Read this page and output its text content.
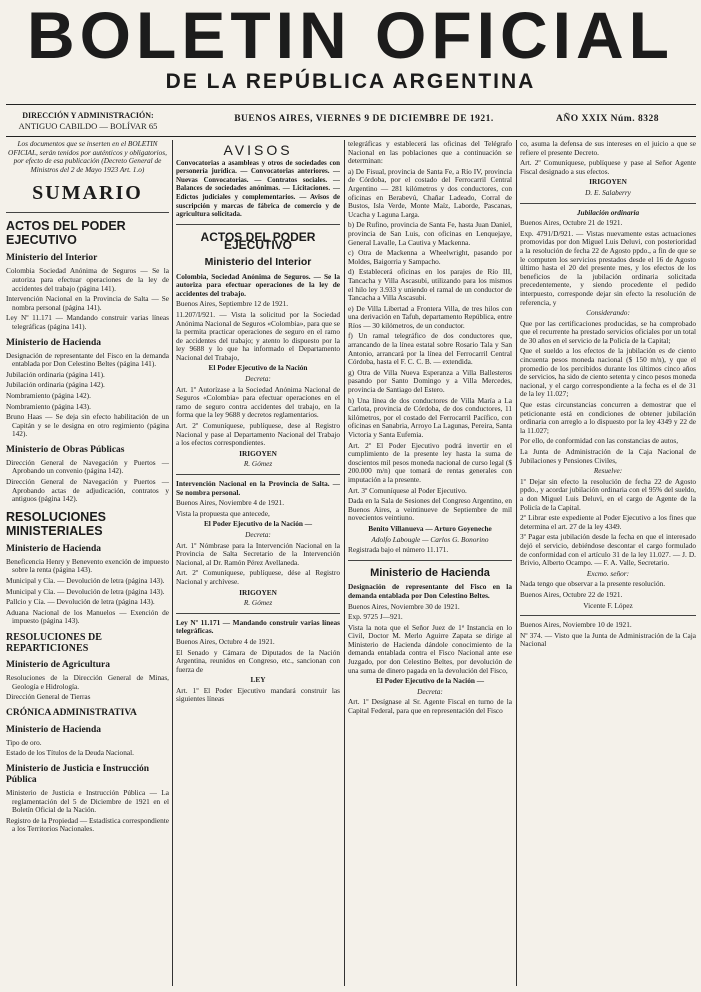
BOLETIN OFICIAL
DE LA REPÚBLICA ARGENTINA
DIRECCIÓN Y ADMINISTRACIÓN:
ANTIGUO CABILDO — BOLÍVAR 65
BUENOS AIRES, VIERNES 9 DE DICIEMBRE DE 1921.	AÑO XXIX Núm. 8328

Los documentos que se inserten en el BOLETIN OFICIAL, serán tenidos por auténticos y obligatorios, por efecto de esa publicación (Decreto General de Ministros del 2 de Mayo 1923 Art. 1.o)

SUMARIO
ACTOS DEL PODER EJECUTIVO
Ministerio del Interior

Colombia Sociedad Anónima de Seguros — Se la autoriza para efectuar operaciones de la ley de accidentes del trabajo (página 141).

Intervención Nacional en la Provincia de Salta — Se nombra personal (página 141).

Ley Nº 11.171 — Mandando construir varias líneas telegráficas (página 141).

Ministerio de Hacienda

Designación de representante del Fisco en la demanda entablada por Don Celestino Beltes (página 141).

Jubilación ordinaria (página 141).

Jubilación ordinaria (página 142).

Nombramiento (página 142).

Nombramiento (página 143).

Bruno Haas — Se deja sin efecto habilitación de un Capitán y se le designa en otro regimiento (página 142).

Ministerio de Obras Públicas

Dirección General de Navegación y Puertos — Aprobando un convenio (página 142).

Dirección General de Navegación y Puertos — Aprobando actas de adjudicación, contratos y antiguos (página 142).

RESOLUCIONES MINISTERIALES
Ministerio de Hacienda

Beneficencia Henry y Benevento exención de impuesto sobre la renta (página 143).

Municipal y Cía. — Devolución de letra (página 143).

Municipal y Cía. — Devolución de letra (página 143).

Pallcio y Cía. — Devolución de letra (página 143).

Aduana Nacional de los Manuelos — Exención de impuesto (página 143).

RESOLUCIONES DE REPARTICIONES
Ministerio de Agricultura

Resoluciones de la Dirección General de Minas, Geología e Hidrología.

Dirección General de Tierras

CRÓNICA ADMINISTRATIVA
Ministerio de Hacienda

Tipo de oro.

Estado de los Títulos de la Deuda Nacional.

Ministerio de Justicia e Instrucción Pública

Ministerio de Justicia e Instrucción Pública — La reglamentación del 5 de Diciembre de 1921 en el Boletín Oficial de la Nación.

Registro de la Propiedad — Estadística correspondiente a los Territorios Nacionales.

AVISOS

Convocatorias a asambleas y otros de sociedades con personería jurídica. — Convocatorias anteriores. — Nuevas Convocatorias. — Contratos sociales. — Balances de sociedades anónimas. — Licitaciones. — Edictos judiciales y complementarios. — Avisos de suscripción y marcas de fábrica de comercio y de agricultura solicitada.

ACTOS DEL PODER EJECUTIVO
Ministerio del Interior

Colombia, Sociedad Anónima de Seguros. — Se la autoriza para efectuar operaciones de la ley de accidentes del trabajo.

Buenos Aires, Septiembre 12 de 1921.

11.207/I/921. — Vista la solicitud por la Sociedad Anónima Nacional de Seguros «Colombia», para que se la permita practicar operaciones de seguro en el ramo de accidentes del trabajo; y atento lo dispuesto por la ley 9688 y lo que ha informado el Departamento Nacional del Trabajo,

El Poder Ejecutivo de la Nación

Decreta:

Art. 1º Autorízase a la Sociedad Anónima Nacional de Seguros «Colombia» para efectuar operaciones en el ramo de seguro contra accidentes del trabajo, en la forma que la ley 9688 y decretos reglamentarios.

Art. 2º Comuníquese, publíquese, dese al Registro Nacional y pase al Departamento Nacional del Trabajo a los efectos correspondientes.

IRIGOYEN

R. Gómez

Intervención Nacional en la Provincia de Salta. — Se nombra personal.

Buenos Aires, Noviembre 4 de 1921.

Vista la propuesta que antecede,

El Poder Ejecutivo de la Nación —

Decreta:

Art. 1º Nómbrase para la Intervención Nacional en la Provincia de Salta Secretario de la Intervención Nacional, al Dr. Ramón Pérez Avellaneda.

Art. 2º Comuníquese, publíquese, dése al Registro Nacional y archívese.

IRIGOYEN

R. Gómez

Ley Nº 11.171 — Mandando construir varias líneas telegráficas.

Buenos Aires, Octubre 4 de 1921.

El Senado y Cámara de Diputados de la Nación Argentina, reunidos en Congreso, etc., sancionan con fuerza de

LEY

Art. 1º El Poder Ejecutivo mandará construir las siguientes líneas

telegráficas y establecerá las oficinas del Telégrafo Nacional en las poblaciones que a continuación se determinan:

a) De Fisual, provincia de Santa Fe, a Río IV, provincia de Córdoba, por el costado del Ferrocarril Central Argentino — 281 kilómetros y dos conductores, con oficinas en Berabevú, Chañar Ladeado, Corral de Bustos, Isla Verde, Monte Maíz, Laborde, Pascanas, Ucacha y Laguna Larga.

b) De Rufino, provincia de Santa Fe, hasta Juan Daniel, provincia de San Luis, con oficinas en Lenquejaye, General Lavalle, La Cautiva y Mackenna.

c) Otra de Mackenna a Wheelwright, pasando por Moldes, Baigorria y Sampacho.

d) Establecerá oficinas en los parajes de Río III, Tancacha y Villa Ascasubi, utilizando para los mismos el hilo ley 3.933 y uniendo el ramal de un conductor de Tancacha a Villa Ascasubi.

e) De Villa Libertad a Frontera Villa, de tres hilos con una derivación en Tafuh, departamento República, entre Ríos — 30 kilómetros, de un conductor.

f) Un ramal telegráfico de dos conductores que, arrancando de la línea estatal sobre Rosario Tala y San Antonio, arrancará por la línea del Ferrocarril Central Córdoba, hasta el F. C. C. B. — extendida.

g) Otra de Villa Nueva Esperanza a Villa Ballesteros pasando por Santo Domingo y a Villa Mercedes, provincia de Santiago del Estero.

h) Una línea de dos conductores de Villa María a La Carlota, provincia de Córdoba, de dos conductores, 11 kilómetros, por el costado del Ferrocarril Pacífico, con oficinas en Sanabria, Arroyo La Lagunas, Pereira, Santa Victoria y Santa Eufemia.

Art. 2º El Poder Ejecutivo podrá invertir en el cumplimiento de la presente ley hasta la suma de doscientos mil pesos moneda nacional de curso legal ($ 200.000 m/n) que tomará de rentas generales con imputación a la presente.

Art. 3º Comuníquese al Poder Ejecutivo.

Dada en la Sala de Sesiones del Congreso Argentino, en Buenos Aires, a veintinueve de Septiembre de mil novecientos veintiuno.

Benito Villanueva — Arturo Goyeneche

Adolfo Labougle — Carlos G. Bonorino

Registrada bajo el número 11.171.

Ministerio de Hacienda

Designación de representante del Fisco en la demanda entablada por Don Celestino Beltes.

Buenos Aires, Noviembre 30 de 1921.

Exp. 9725 J—921.

Vista la nota que el Señor Juez de 1ª Instancia en lo Civil, Doctor M. Merlo Aguirre Zapata se dirige al Ministerio de Hacienda dándole conocimiento de la demanda entablada contra el Fisco Nacional ante ese Juzgado, por don Celestino Beltes, por devolución de una suma de dinero pagada en la devolución del Fisco,

El Poder Ejecutivo de la Nación —

Decreta:

Art. 1º Desígnase al Sr. Agente Fiscal en turno de la Capital Federal, para que en representación del Fisco

co, asuma la defensa de sus intereses en el juicio a que se refiere el presente Decreto.

Art. 2º Comuníquese, publíquese y pase al Señor Agente Fiscal designado a sus efectos.

IRIGOYEN

D. E. Salaberry

Jubilación ordinaria

Buenos Aires, Octubre 21 de 1921.

Exp. 4791/D/921. — Vistas nuevamente estas actuaciones promovidas por don Miguel Luis Deluvi, con posterioridad a la resolución de fecha 22 de Agosto ppdo., a fin de que se le computen los servicios prestados desde el 16 de Agosto último hasta el 20 del presente mes, y los efectos de los beneficios de la jubilación ordinaria solicitada precedentemente, y siendo procedente el pedido interpuesto, corresponde dejar sin efecto la resolución de referencia, y

Considerando:

Que por las certificaciones producidas, se ha comprobado que el recurrente ha prestado servicios oficiales por un total de 30 años en el servicio de la Policía de la Capital;

Que el sueldo a los efectos de la jubilación es de ciento cincuenta pesos moneda nacional ($ 150 m/n), y que el promedio de los percibidos durante los últimos cinco años de servicios, ha sido de ciento setenta y cinco pesos moneda nacional, y el cargo correspondiente a la fecha es el de 31 de la ley 11.027;

Que estas circunstancias concurren a demostrar que el peticionante está en condiciones de obtener jubilación ordinaria con arreglo a lo dispuesto por la ley 4349 y 22 de la 11.027;

Por ello, de conformidad con las constancias de autos,

La Junta de Administración de la Caja Nacional de Jubilaciones y Pensiones Civiles,

Resuelve:

1º Dejar sin efecto la resolución de fecha 22 de Agosto ppdo., y acordar jubilación ordinaria con el 95% del sueldo, a don Miguel Luis Deluvi, en el cargo de Agente de la Policía de la Capital.

2º Librar este expediente al Poder Ejecutivo a los fines que determina el art. 27 de la ley 4349.

3º Pagar esta jubilación desde la fecha en que el interesado dejó el servicio, debiéndose descontar el cargo formulado de conformidad con el artículo 31 de la ley 11.027. — J. D. Brivio, Alberto Ocampo. — F. A. Valle, Secretario.

Excmo. señor:

Nada tengo que observar a la presente resolución.

Buenos Aires, Octubre 22 de 1921.

Vicente F. López

Buenos Aires, Noviembre 10 de 1921.

Nº 374. — Visto que la Junta de Administración de la Caja Nacional
